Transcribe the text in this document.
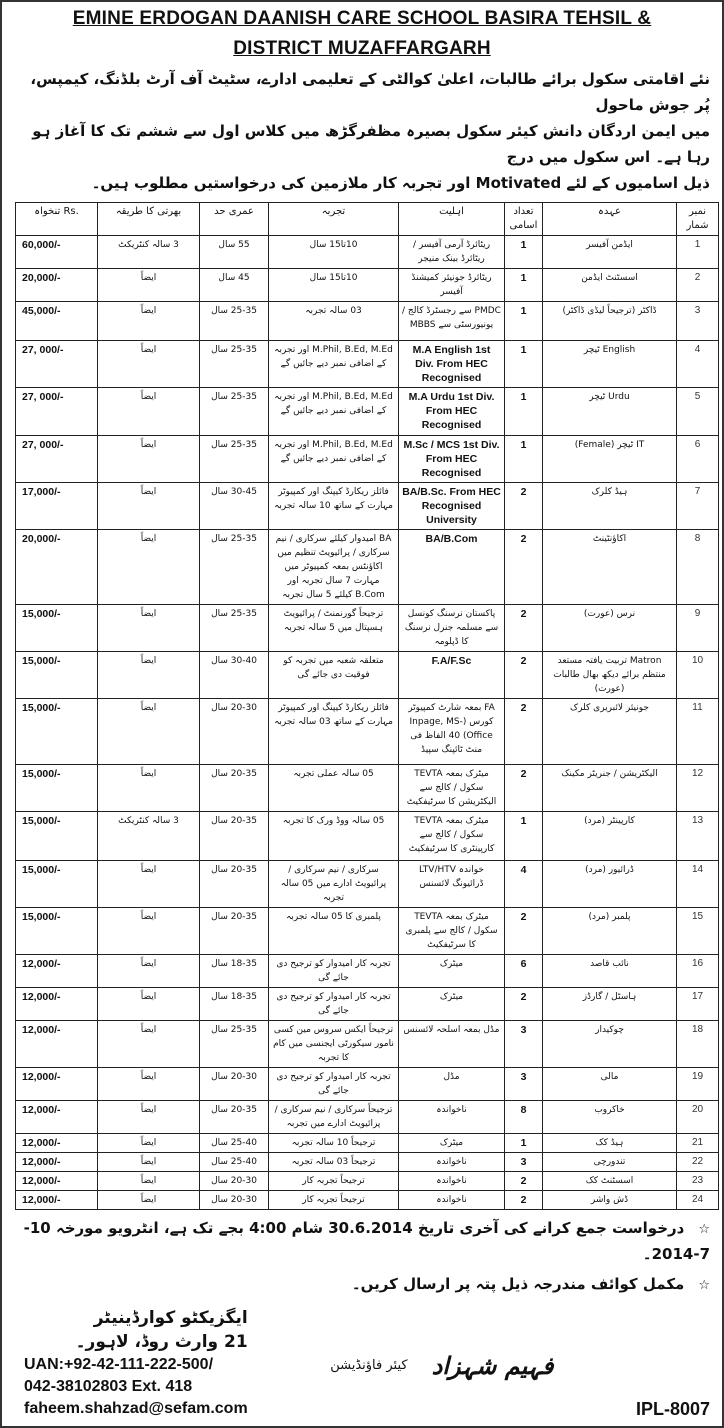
EMINE ERDOGAN DAANISH CARE SCHOOL BASIRA TEHSIL &
DISTRICT MUZAFFARGARH
نئے اقامتی سکول برائے طالبات، اعلیٰ کوالٹی کے تعلیمی ادارے، سٹیٹ آف آرٹ بلڈنگ، کیمپس، پُر جوش ماحول
میں ایمن اردگان دانش کیئر سکول بصیرہ مظفرگڑھ میں کلاس اول سے ششم تک کا آغاز ہو رہا ہے۔ اس سکول میں درج
ذیل اسامیوں کے لئے Motivated اور تجربہ کار ملازمین کی درخواستیں مطلوب ہیں۔
نمبر شمار	عہدہ	تعداد اسامی	اہلیت	تجربہ	عمری حد	بھرتی کا طریقہ	تنخواہ Rs.
1	ایڈمن آفیسر	1	ریٹائرڈ آرمی آفیسر / ریٹائرڈ بینک منیجر	10تا15 سال	55 سال	3 سالہ کنٹریکٹ	60,000/-
2	اسسٹنٹ ایڈمن	1	ریٹائرڈ جونیئر کمیشنڈ آفیسر	10تا15 سال	45 سال	ایضاً	20,000/-
3	ڈاکٹر (ترجیحاً لیڈی ڈاکٹر)	1	PMDC سے رجسٹرڈ کالج / یونیورسٹی سے MBBS	03 سالہ تجربہ	25-35 سال	ایضاً	45,000/-
4	English ٹیچر	1	M.A English 1st Div. From HEC Recognised	M.Phil, B.Ed, M.Ed اور تجربہ کے اضافی نمبر دیے جائیں گے	25-35 سال	ایضاً	27, 000/-
5	Urdu ٹیچر	1	M.A Urdu 1st Div. From HEC Recognised	M.Phil, B.Ed, M.Ed اور تجربہ کے اضافی نمبر دیے جائیں گے	25-35 سال	ایضاً	27, 000/-
6	IT ٹیچر (Female)	1	M.Sc / MCS 1st Div. From HEC Recognised	M.Phil, B.Ed, M.Ed اور تجربہ کے اضافی نمبر دیے جائیں گے	25-35 سال	ایضاً	27, 000/-
7	ہیڈ کلرک	2	BA/B.Sc. From HEC Recognised University	فائلز ریکارڈ کیپنگ اور کمپیوٹر مہارت کے ساتھ 10 سالہ تجربہ	30-45 سال	ایضاً	17,000/-
8	اکاؤنٹینٹ	2	BA/B.Com	BA امیدوار کیلئے سرکاری / نیم سرکاری / پرائیویٹ تنظیم میں اکاؤنٹس بمعہ کمپیوٹر میں مہارت 7 سال تجربہ اور B.Com کیلئے 5 سال تجربہ	25-35 سال	ایضاً	20,000/-
9	نرس (عورت)	2	پاکستان نرسنگ کونسل سے مسلمہ جنرل نرسنگ کا ڈپلومہ	ترجیحاً گورنمنٹ / پرائیویٹ ہسپتال میں 5 سالہ تجربہ	25-35 سال	ایضاً	15,000/-
10	Matron تربیت یافتہ مستعد منتظم برائے دیکھ بھال طالبات (عورت)	2	F.A/F.Sc	متعلقہ شعبہ میں تجربہ کو فوقیت دی جائے گی	30-40 سال	ایضاً	15,000/-
11	جونیئر لائبریری کلرک	2	FA بمعہ شارٹ کمپیوٹر کورس (Inpage, MS-Office) 40 الفاظ فی منٹ ٹائپنگ سپیڈ	فائلز ریکارڈ کیپنگ اور کمپیوٹر مہارت کے ساتھ 03 سالہ تجربہ	20-30 سال	ایضاً	15,000/-
12	الیکٹریشن / جنریٹر مکینک	2	میٹرک بمعہ TEVTA سکول / کالج سے الیکٹریشن کا سرٹیفکیٹ	05 سالہ عملی تجربہ	20-35 سال	ایضاً	15,000/-
13	کارپینٹر (مرد)	1	میٹرک بمعہ TEVTA سکول / کالج سے کارپینٹری کا سرٹیفکیٹ	05 سالہ ووڈ ورک کا تجربہ	20-35 سال	3 سالہ کنٹریکٹ	15,000/-
14	ڈرائیور (مرد)	4	خواندہ LTV/HTV ڈرائیونگ لائسنس	سرکاری / نیم سرکاری / پرائیویٹ ادارے میں 05 سالہ تجربہ	20-35 سال	ایضاً	15,000/-
15	پلمبر (مرد)	2	میٹرک بمعہ TEVTA سکول / کالج سے پلمبری کا سرٹیفکیٹ	پلمبری کا 05 سالہ تجربہ	20-35 سال	ایضاً	15,000/-
16	نائب قاصد	6	میٹرک	تجربہ کار امیدوار کو ترجیح دی جائے گی	18-35 سال	ایضاً	12,000/-
17	ہاسٹل / گارڈز	2	میٹرک	تجربہ کار امیدوار کو ترجیح دی جائے گی	18-35 سال	ایضاً	12,000/-
18	چوکیدار	3	مڈل بمعہ اسلحہ لائسنس	ترجیحاً ایکس سروس مین کسی نامور سیکورٹی ایجنسی میں کام کا تجربہ	25-35 سال	ایضاً	12,000/-
19	مالی	3	مڈل	تجربہ کار امیدوار کو ترجیح دی جائے گی	20-30 سال	ایضاً	12,000/-
20	خاکروب	8	ناخواندہ	ترجیحاً سرکاری / نیم سرکاری / پرائیویٹ ادارے میں تجربہ	20-35 سال	ایضاً	12,000/-
21	ہیڈ کک	1	میٹرک	ترجیحاً 10 سالہ تجربہ	25-40 سال	ایضاً	12,000/-
22	تندورچی	3	ناخواندہ	ترجیحاً 03 سالہ تجربہ	25-40 سال	ایضاً	12,000/-
23	اسسٹنٹ کک	2	ناخواندہ	ترجیحاً تجربہ کار	20-30 سال	ایضاً	12,000/-
24	ڈش واشر	2	ناخواندہ	ترجیحاً تجربہ کار	20-30 سال	ایضاً	12,000/-
☆درخواست جمع کرانے کی آخری تاریخ 30.6.2014 شام 4:00 بجے تک ہے، انٹرویو مورخہ 10-7-2014۔
☆مکمل کوائف مندرجہ ذیل پتہ پر ارسال کریں۔
ایگزیکٹو کوارڈینیٹر
21 وارث روڈ، لاہور۔
UAN:+92-42-111-222-500/
042-38102803 Ext. 418
faheem.shahzad@sefam.com
کیئر فاؤنڈیشن فہیم شہزاد
IPL-8007
